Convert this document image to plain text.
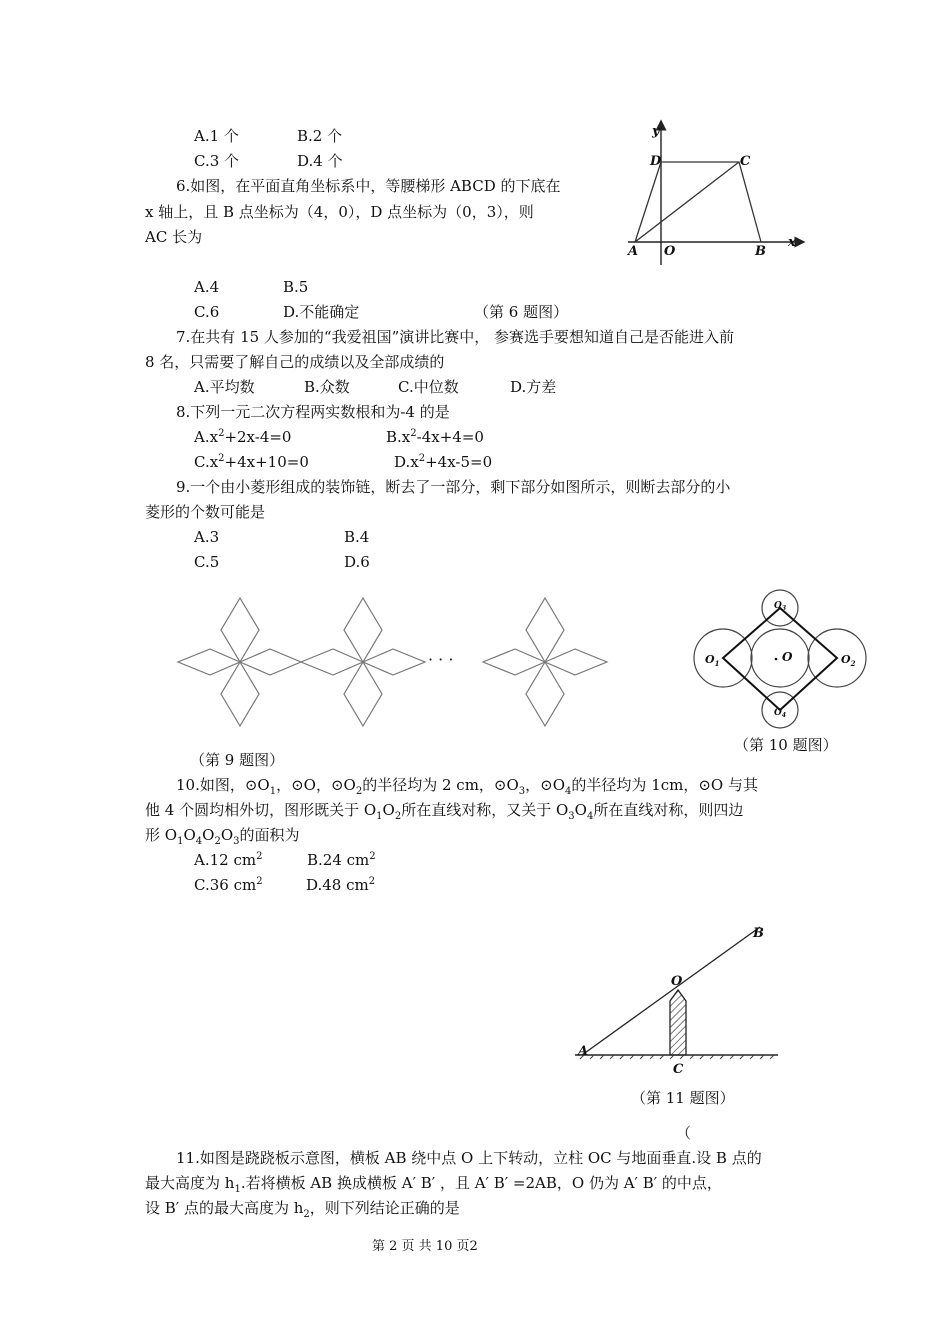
A.1 个	B.2 个
C.3 个	D.4 个
6.如图，在平面直角坐标系中，等腰梯形 ABCD 的下底在
x 轴上，且 B 点坐标为（4，0），D 点坐标为（0，3），则
AC 长为
A.4	B.5
C.6	D.不能确定	（第 6 题图）
y
x
D	C
A O	B
7.在共有 15 人参加的“我爱祖国”演讲比赛中， 参赛选手要想知道自己是否能进入前
8 名，只需要了解自己的成绩以及全部成绩的
A.平均数	B.众数	C.中位数	D.方差
8.下列一元二次方程两实数根和为-4 的是
$A.x^2+2x-4=0$	$B.x^2-4x+4=0$
$C.x^2+4x+10=0$	$D.x^2+4x-5=0$
9.一个由小菱形组成的装饰链，断去了一部分，剩下部分如图所示，则断去部分的小
菱形的个数可能是
A.3	B.4
C.5	D.6
· · ·
（第 9 题图）
O
$O_1$	$O_2$
$O_3$
$O_4$
（第 10 题图）
10.如图，$⊙O_1$，⊙O，$⊙O_2$的半径均为 2 cm，$⊙O_3$，$⊙O_4$的半径均为 1cm，⊙O 与其
他 4 个圆均相外切，图形既关于 $O_1O_2$所在直线对称，又关于 $O_3O_4$所在直线对称，则四边
形 $O_1O_4O_2O_3$的面积为
A.12 $cm^2$	B.24 $cm^2$
C.36 $cm^2$	D.48 $cm^2$
A
B
O
C
（第 11 题图）
（
11.如图是跷跷板示意图，横板 AB 绕中点 O 上下转动，立柱 OC 与地面垂直.设 B 点的
最大高度为 $h_1$.若将横板 AB 换成横板 A′ B′ ，且 A′ B′ =2AB，O 仍为 A′ B′ 的中点，
设 B′ 点的最大高度为 $h_2$，则下列结论正确的是
第 2 页 共 10 页2
